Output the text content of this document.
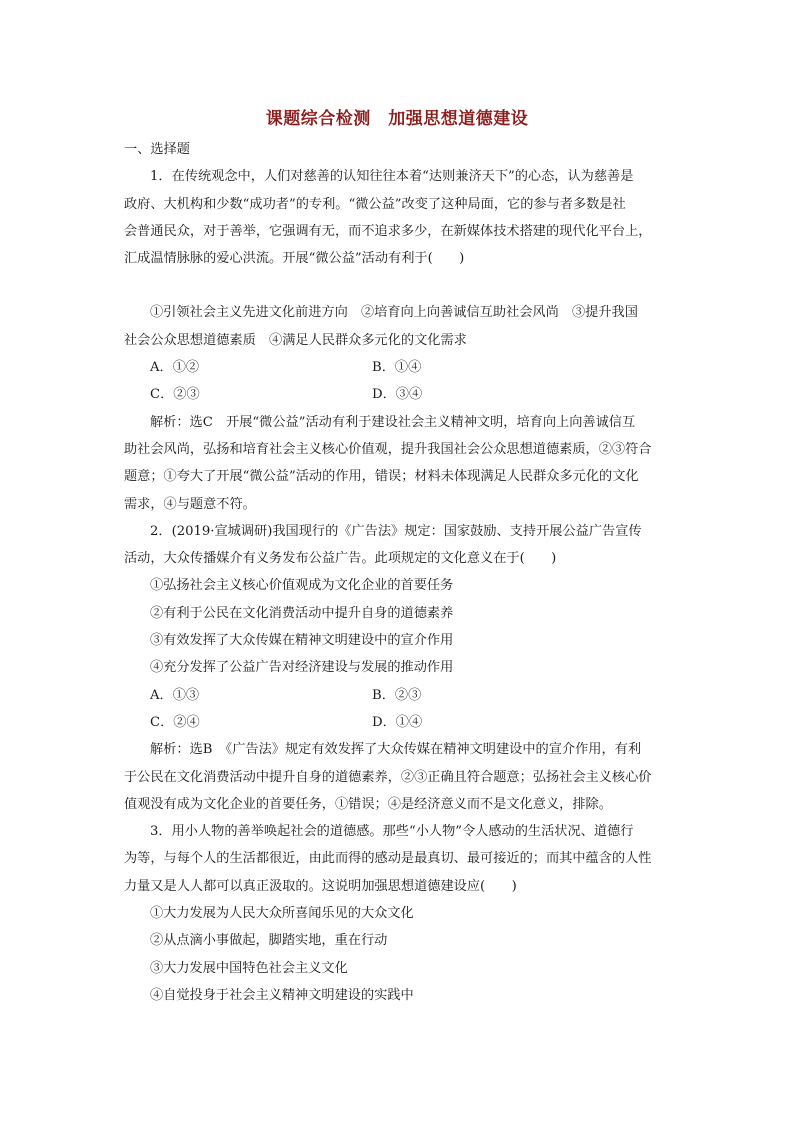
课题综合检测　加强思想道德建设
一、选择题
1．在传统观念中，人们对慈善的认知往往本着“达则兼济天下”的心态，认为慈善是
政府、大机构和少数“成功者”的专利。“微公益”改变了这种局面，它的参与者多数是社
会普通民众，对于善举，它强调有无，而不追求多少，在新媒体技术搭建的现代化平台上，
汇成温情脉脉的爱心洪流。开展“微公益”活动有利于(　　)
①引领社会主义先进文化前进方向　②培育向上向善诚信互助社会风尚　③提升我国
社会公众思想道德素质　④满足人民群众多元化的文化需求
A．①②	B．①④
C．②③	D．③④
解析：选C　开展“微公益”活动有利于建设社会主义精神文明，培育向上向善诚信互
助社会风尚，弘扬和培育社会主义核心价值观，提升我国社会公众思想道德素质，②③符合
题意；①夸大了开展“微公益”活动的作用，错误；材料未体现满足人民群众多元化的文化
需求，④与题意不符。
2．(2019·宣城调研)我国现行的《广告法》规定：国家鼓励、支持开展公益广告宣传
活动，大众传播媒介有义务发布公益广告。此项规定的文化意义在于(　　)
①弘扬社会主义核心价值观成为文化企业的首要任务
②有利于公民在文化消费活动中提升自身的道德素养
③有效发挥了大众传媒在精神文明建设中的宣介作用
④充分发挥了公益广告对经济建设与发展的推动作用
A．①③	B．②③
C．②④	D．①④
解析：选B　《广告法》规定有效发挥了大众传媒在精神文明建设中的宣介作用，有利
于公民在文化消费活动中提升自身的道德素养，②③正确且符合题意；弘扬社会主义核心价
值观没有成为文化企业的首要任务，①错误；④是经济意义而不是文化意义，排除。
3．用小人物的善举唤起社会的道德感。那些“小人物”令人感动的生活状况、道德行
为等，与每个人的生活都很近，由此而得的感动是最真切、最可接近的；而其中蕴含的人性
力量又是人人都可以真正汲取的。这说明加强思想道德建设应(　　)
①大力发展为人民大众所喜闻乐见的大众文化
②从点滴小事做起，脚踏实地，重在行动
③大力发展中国特色社会主义文化
④自觉投身于社会主义精神文明建设的实践中
